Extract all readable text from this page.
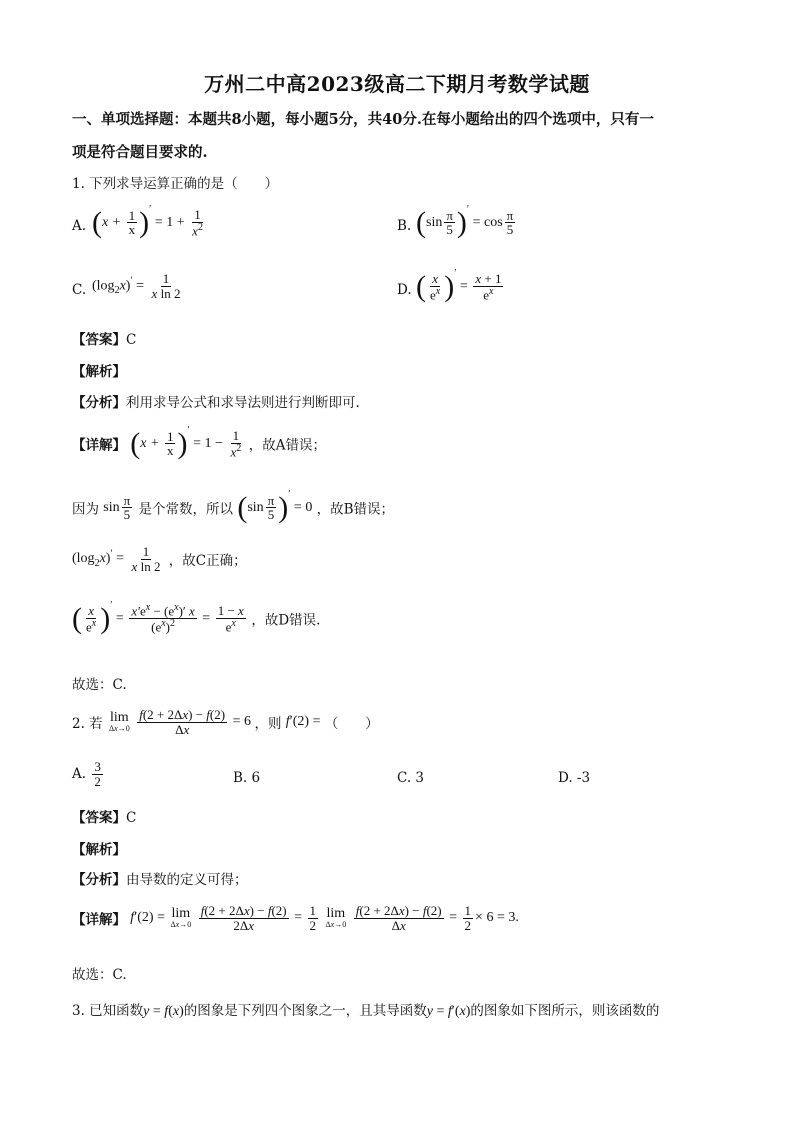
万州二中高2023级高二下期月考数学试题
一、单项选择题：本题共8小题，每小题5分，共40分.在每小题给出的四个选项中，只有一
项是符合题目要求的.
1. 下列求导运算正确的是（　　）
A. $(x + \frac{1}{x} )' = 1 + \frac{1}{x^2}$	B. $(\sin \frac{\pi}{5} )' = \cos \frac{\pi}{5}$
C. $(\log_2x)' = \frac{1}{\text{x ln 2}}$	D. ( $\frac{x}{e^x} )' = \frac{x + 1}{e^x}$
【答案】C
【解析】
【分析】利用求导公式和求导法则进行判断即可.
【详解】 $(x + \frac{1}{x} )' = 1 - \frac{1}{x^2}$ ，故A错误；
因为 $\sin \frac{\pi}{5}$ 是个常数，所以 $(\sin \frac{\pi}{5} )' = 0$ ，故B错误；
$(\log_2x)' = \frac{1}{\text{x ln 2}}$ ，故C正确；
( $\frac{x}{e^x} )' = \frac{x'e^x - (e^x)' x}{(e^x)^2} = \frac{1 - x}{e^x}$ ，故D错误.
故选：C.
2. 若 lim
Δx→0
$\frac{f(2 + 2\Delta x) - f(2)}{\Delta x} = 6$ ，则 f′(2) = （　　）
A. $\frac{3}{2}$	B. 6	C. 3	D. -3
【答案】C
【解析】
【分析】由导数的定义可得；
【详解】 f′(2) = lim
Δx→0
$\frac{f(2 + 2\Delta x) - f(2)}{2\Delta x} = \frac{1}{2}$
lim
Δx→0
$\frac{f(2 + 2\Delta x) - f(2)}{\Delta x} = \frac{1}{2} \times 6 = 3$.
故选：C.
3. 已知函数y = f(x)的图象是下列四个图象之一，且其导函数y = f′(x)的图象如下图所示，则该函数的
